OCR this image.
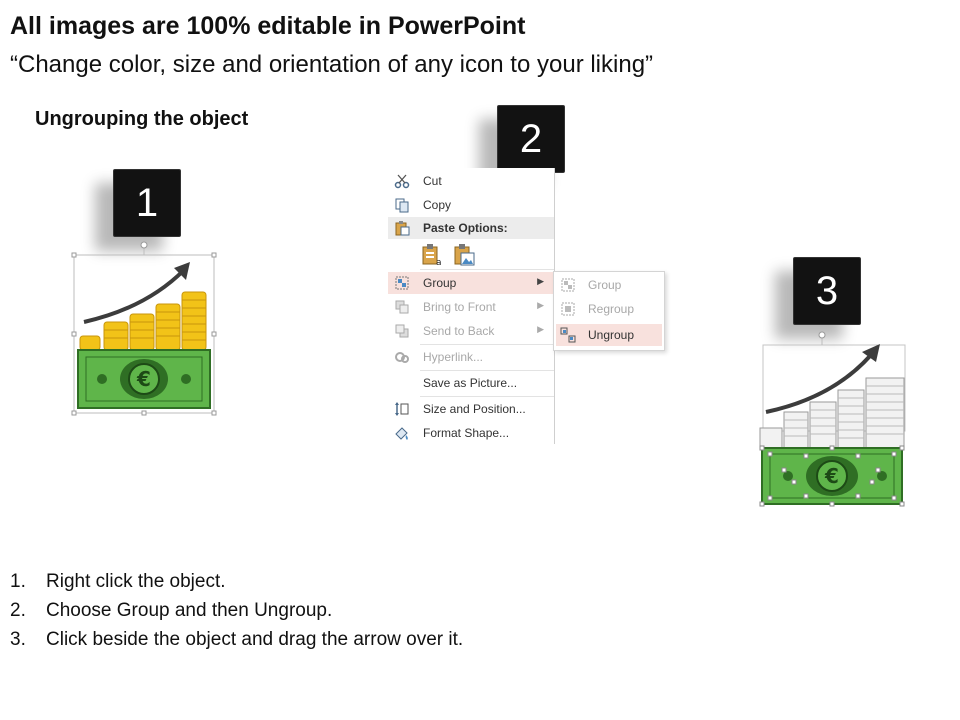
All images are 100% editable in PowerPoint
“Change color, size and orientation of any icon to your liking”
Ungrouping the object
1
2
3
€
Cut
Copy
Paste Options:
a
Group	▶
Bring to Front	▶
Send to Back	▶
Hyperlink...
Save as Picture...
Size and Position...
Format Shape...
Group
Regroup
Ungroup
€
1. Right click the object.
2. Choose Group and then Ungroup.
3. Click beside the object and drag the arrow over it.
